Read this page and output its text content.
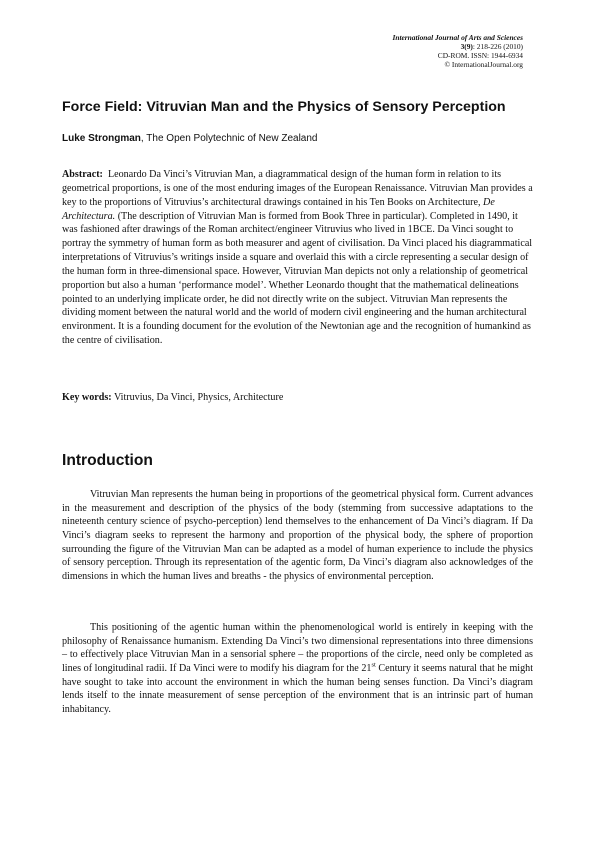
International Journal of Arts and Sciences
3(9): 218-226 (2010)
CD-ROM. ISSN: 1944-6934
© InternationalJournal.org
Force Field: Vitruvian Man and the Physics of Sensory Perception
Luke Strongman, The Open Polytechnic of New Zealand
Abstract: Leonardo Da Vinci’s Vitruvian Man, a diagrammatical design of the human form in relation to its geometrical proportions, is one of the most enduring images of the European Renaissance. Vitruvian Man provides a key to the proportions of Vitruvius’s architectural drawings contained in his Ten Books on Architecture, De Architectura. (The description of Vitruvian Man is formed from Book Three in particular). Completed in 1490, it was fashioned after drawings of the Roman architect/engineer Vitruvius who lived in 1BCE. Da Vinci sought to portray the symmetry of human form as both measurer and agent of civilisation. Da Vinci placed his diagrammatical interpretations of Vitruvius’s writings inside a square and overlaid this with a circle representing a secular design of the human form in three-dimensional space. However, Vitruvian Man depicts not only a relationship of geometrical proportion but also a human ‘performance model’. Whether Leonardo thought that the mathematical delineations pointed to an underlying implicate order, he did not directly write on the subject. Vitruvian Man represents the dividing moment between the natural world and the world of modern civil engineering and the human architectural environment. It is a founding document for the evolution of the Newtonian age and the recognition of humankind as the centre of civilisation.
Key words: Vitruvius, Da Vinci, Physics, Architecture
Introduction
Vitruvian Man represents the human being in proportions of the geometrical physical form. Current advances in the measurement and description of the physics of the body (stemming from successive adaptations to the nineteenth century science of psycho-perception) lend themselves to the enhancement of Da Vinci’s diagram. If Da Vinci’s diagram seeks to represent the harmony and proportion of the physical body, the sphere of proportion surrounding the figure of the Vitruvian Man can be adapted as a model of human experience to include the physics of sensory perception. Through its representation of the agentic form, Da Vinci’s diagram also acknowledges of the dimensions in which the human lives and breaths - the physics of environmental perception.
This positioning of the agentic human within the phenomenological world is entirely in keeping with the philosophy of Renaissance humanism. Extending Da Vinci’s two dimensional representations into three dimensions – to effectively place Vitruvian Man in a sensorial sphere – the proportions of the circle, need only be completed as lines of longitudinal radii. If Da Vinci were to modify his diagram for the 21st Century it seems natural that he might have sought to take into account the environment in which the human being senses function. Da Vinci’s diagram lends itself to the innate measurement of sense perception of the environment that is an intrinsic part of human inhabitancy.
